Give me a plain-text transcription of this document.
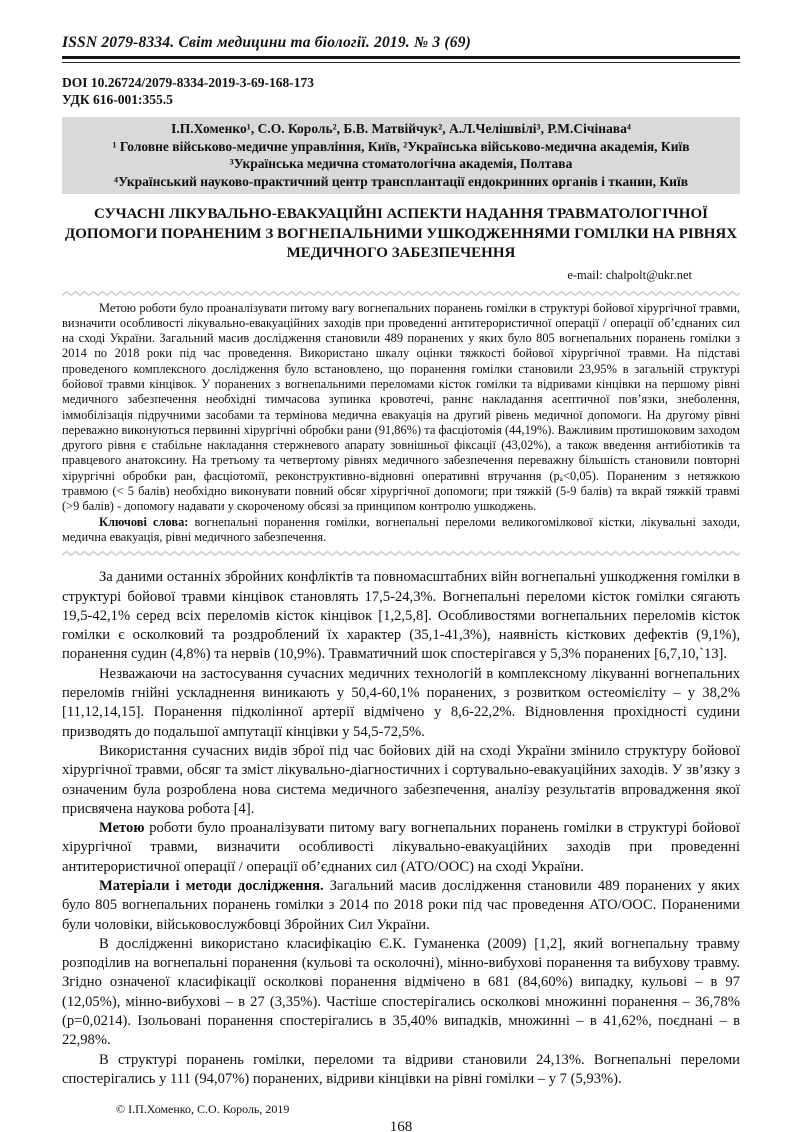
ISSN 2079-8334. Світ медицини та біології. 2019. № 3 (69)
DOI 10.26724/2079-8334-2019-3-69-168-173
УДК 616-001:355.5
І.П.Хоменко¹, С.О. Король², Б.В. Матвійчук², А.Л.Челішвілі³, Р.М.Січінава⁴
¹ Головне військово-медичне управління, Київ, ²Українська військово-медична академія, Київ
³Українська медична стоматологічна академія, Полтава
⁴Український науково-практичний центр трансплантації ендокринних органів і тканин, Київ
СУЧАСНІ ЛІКУВАЛЬНО-ЕВАКУАЦІЙНІ АСПЕКТИ НАДАННЯ ТРАВМАТОЛОГІЧНОЇ ДОПОМОГИ ПОРАНЕНИМ З ВОГНЕПАЛЬНИМИ УШКОДЖЕННЯМИ ГОМІЛКИ НА РІВНЯХ МЕДИЧНОГО ЗАБЕЗПЕЧЕННЯ
e-mail: chalpolt@ukr.net

Метою роботи було проаналізувати питому вагу вогнепальних поранень гомілки в структурі бойової хірургічної травми, визначити особливості лікувально-евакуаційних заходів при проведенні антитерористичної операції / операції об’єднаних сил на сході України. Загальний масив дослідження становили 489 поранених у яких було 805 вогнепальних поранень гомілки з 2014 по 2018 роки під час проведення. Використано шкалу оцінки тяжкості бойової хірургічної травми. На підставі проведеного комплексного дослідження було встановлено, що поранення гомілки становили 23,95% в загальній структурі бойової травми кінцівок. У поранених з вогнепальними переломами кісток гомілки та відривами кінцівки на першому рівні медичного забезпечення необхідні тимчасова зупинка кровотечі, раннє накладання асептичної пов’язки, знеболення, іммобілізація підручними засобами та термінова медична евакуація на другий рівень медичної допомоги. На другому рівні переважно виконуються первинні хірургічні обробки рани (91,86%) та фасціотомія (44,19%). Важливим протишоковим заходом другого рівня є стабільне накладання стержневого апарату зовнішньої фіксації (43,02%), а також введення антибіотиків та правцевого анатоксину. На третьому та четвертому рівнях медичного забезпечення переважну більшість становили повторні хірургічні обробки ран, фасціотомії, реконструктивно-відновні оперативні втручання (pₐ<0,05). Пораненим з нетяжкою травмою (< 5 балів) необхідно виконувати повний обсяг хірургічної допомоги; при тяжкій (5-9 балів) та вкрай тяжкій травмі (>9 балів) - допомогу надавати у скороченому обсязі за принципом контролю ушкоджень.

Ключові слова: вогнепальні поранення гомілки, вогнепальні переломи великогомілкової кістки, лікувальні заходи, медична евакуація, рівні медичного забезпечення.

За даними останніх збройних конфліктів та повномасштабних війн вогнепальні ушкодження гомілки в структурі бойової травми кінцівок становлять 17,5-24,3%. Вогнепальні переломи кісток гомілки сягають 19,5-42,1% серед всіх переломів кісток кінцівок [1,2,5,8]. Особливостями вогнепальних переломів кісток гомілки є осколковий та роздроблений їх характер (35,1-41,3%), наявність кісткових дефектів (9,1%), поранення судин (4,8%) та нервів (10,9%). Травматичний шок спостерігався у 5,3% поранених [6,7,10,`13].

Незважаючи на застосування сучасних медичних технологій в комплексному лікуванні вогнепальних переломів гнійні ускладнення виникають у 50,4-60,1% поранених, з розвитком остеомієліту – у 38,2% [11,12,14,15]. Поранення підколінної артерії відмічено у 8,6-22,2%. Відновлення прохідності судини призводять до подальшої ампутації кінцівки у 54,5-72,5%.

Використання сучасних видів зброї під час бойових дій на сході України змінило структуру бойової хірургічної травми, обсяг та зміст лікувально-діагностичних і сортувально-евакуаційних заходів. У зв’язку з означеним була розроблена нова система медичного забезпечення, аналізу результатів впровадження якої присвячена наукова робота [4].

Метою роботи було проаналізувати питому вагу вогнепальних поранень гомілки в структурі бойової хірургічної травми, визначити особливості лікувально-евакуаційних заходів при проведенні антитерористичної операції / операції об’єднаних сил (АТО/ООС) на сході України.

Матеріали і методи дослідження. Загальний масив дослідження становили 489 поранених у яких було 805 вогнепальних поранень гомілки з 2014 по 2018 роки під час проведення АТО/ООС. Пораненими були чоловіки, військовослужбовці Збройних Сил України.

В дослідженні використано класифікацію Є.К. Гуманенка (2009) [1,2], який вогнепальну травму розподілив на вогнепальні поранення (кульові та осколочні), мінно-вибухові поранення та вибухову травму. Згідно означеної класифікації осколкові поранення відмічено в 681 (84,60%) випадку, кульові – в 97 (12,05%), мінно-вибухові – в 27 (3,35%). Частіше спостерігались осколкові множинні поранення – 36,78% (p=0,0214). Ізольовані поранення спостерігались в 35,40% випадків, множинні – в 41,62%, поєднані – в 22,98%.

В структурі поранень гомілки, переломи та відриви становили 24,13%. Вогнепальні переломи спостерігались у 111 (94,07%) поранених, відриви кінцівки на рівні гомілки – у 7 (5,93%).

© І.П.Хоменко, С.О. Король, 2019
168
